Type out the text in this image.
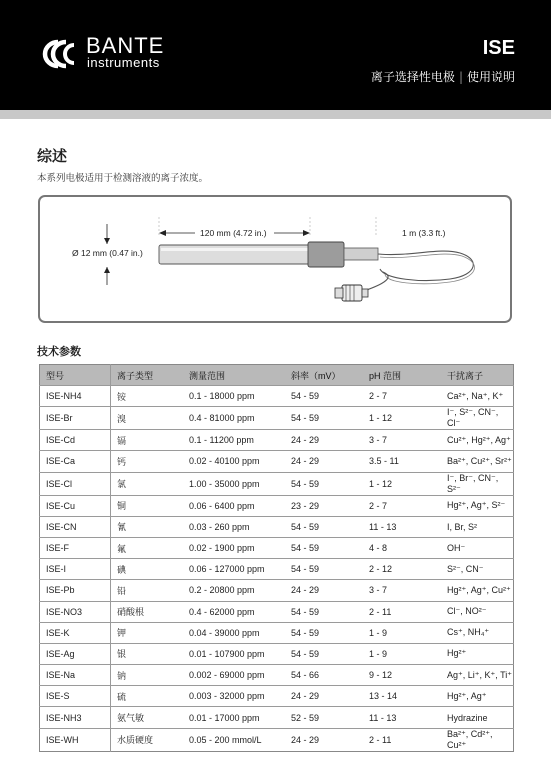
BANTE
instruments
ISE
离子选择性电极 | 使用说明
综述
本系列电极适用于检测溶液的离子浓度。
Ø 12 mm (0.47 in.)
120 mm (4.72 in.)	1 m (3.3 ft.)
技术参数
型号	离子类型	测量范围	斜率（mV）	pH 范围	干扰离子
ISE-NH4	铵	0.1 - 18000 ppm	54 - 59	2 - 7	Ca²⁺, Na⁺, K⁺
ISE-Br	溴	0.4 - 81000 ppm	54 - 59	1 - 12	I⁻, S²⁻, CN⁻, Cl⁻
ISE-Cd	镉	0.1 - 11200 ppm	24 - 29	3 - 7	Cu²⁺, Hg²⁺, Ag⁺
ISE-Ca	钙	0.02 - 40100 ppm	24 - 29	3.5 - 11	Ba²⁺, Cu²⁺, Sr²⁺
ISE-Cl	氯	1.00 - 35000 ppm	54 - 59	1 - 12	I⁻, Br⁻, CN⁻, S²⁻
ISE-Cu	铜	0.06 - 6400 ppm	23 - 29	2 - 7	Hg²⁺, Ag⁺, S²⁻
ISE-CN	氰	0.03 - 260 ppm	54 - 59	11 - 13	I, Br, S²
ISE-F	氟	0.02 - 1900 ppm	54 - 59	4 - 8	OH⁻
ISE-I	碘	0.06 - 127000 ppm	54 - 59	2 - 12	S²⁻, CN⁻
ISE-Pb	铅	0.2 - 20800 ppm	24 - 29	3 - 7	Hg²⁺, Ag⁺, Cu²⁺
ISE-NO3	硝酸根	0.4 - 62000 ppm	54 - 59	2 - 11	Cl⁻, NO²⁻
ISE-K	钾	0.04 - 39000 ppm	54 - 59	1 - 9	Cs⁺, NH₄⁺
ISE-Ag	银	0.01 - 107900 ppm	54 - 59	1 - 9	Hg²⁺
ISE-Na	钠	0.002 - 69000 ppm	54 - 66	9 - 12	Ag⁺, Li⁺, K⁺, Ti⁺
ISE-S	硫	0.003 - 32000 ppm	24 - 29	13 - 14	Hg²⁺, Ag⁺
ISE-NH3	氨气敏	0.01 - 17000 ppm	52 - 59	11 - 13	Hydrazine
ISE-WH	水质硬度	0.05 - 200 mmol/L	24 - 29	2 - 11	Ba²⁺, Cd²⁺, Cu²⁺
